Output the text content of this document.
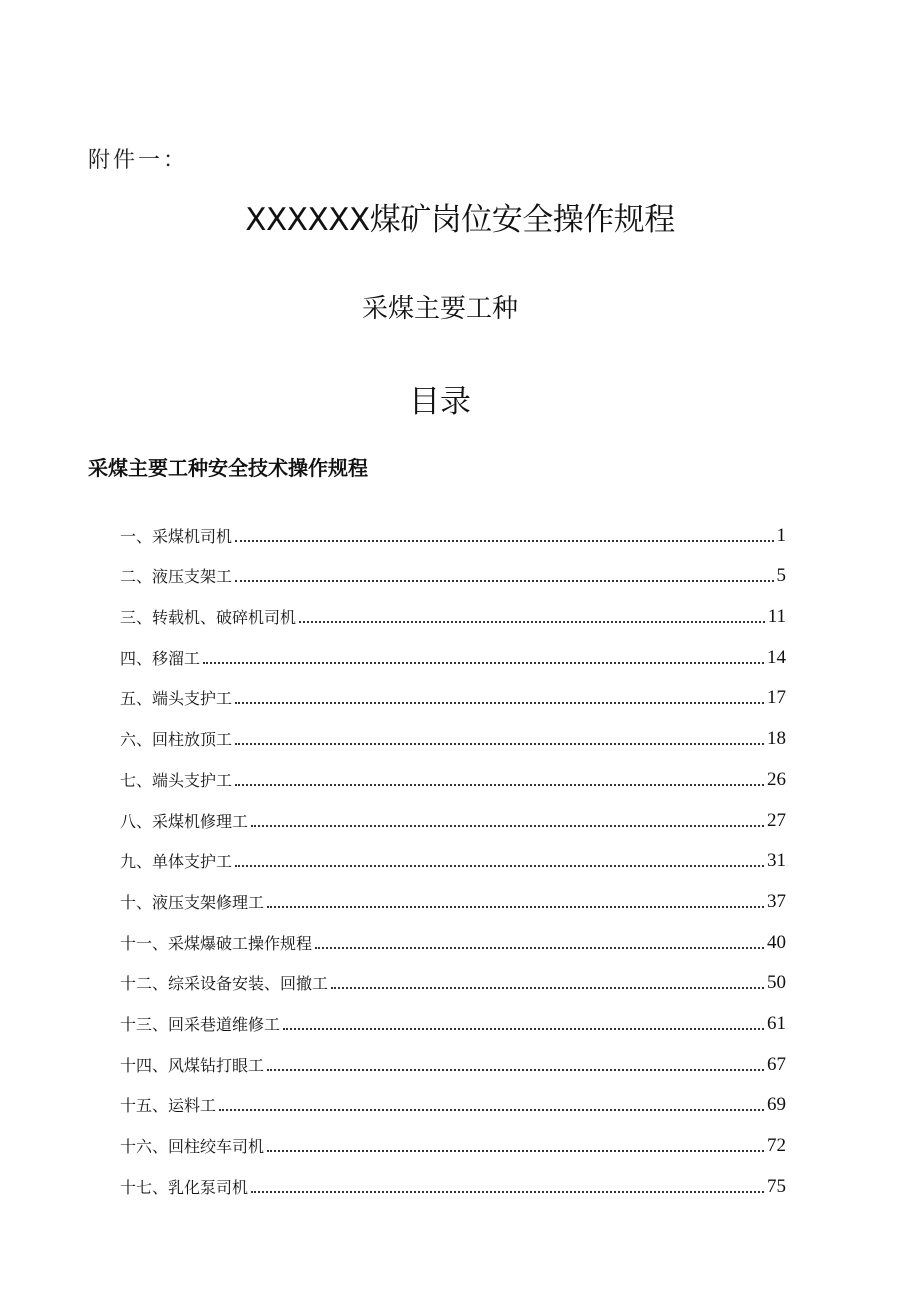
附件一：
XXXXXX煤矿岗位安全操作规程
采煤主要工种
目录
采煤主要工种安全技术操作规程
一、采煤机司机	1
二、液压支架工	5
三、转载机、破碎机司机	11
四、移溜工	14
五、端头支护工	17
六、回柱放顶工	18
七、端头支护工	26
八、采煤机修理工	27
九、单体支护工	31
十、液压支架修理工	37
十一、采煤爆破工操作规程	40
十二、综采设备安装、回撤工	50
十三、回采巷道维修工	61
十四、风煤钻打眼工	67
十五、运料工	69
十六、回柱绞车司机	72
十七、乳化泵司机	75
